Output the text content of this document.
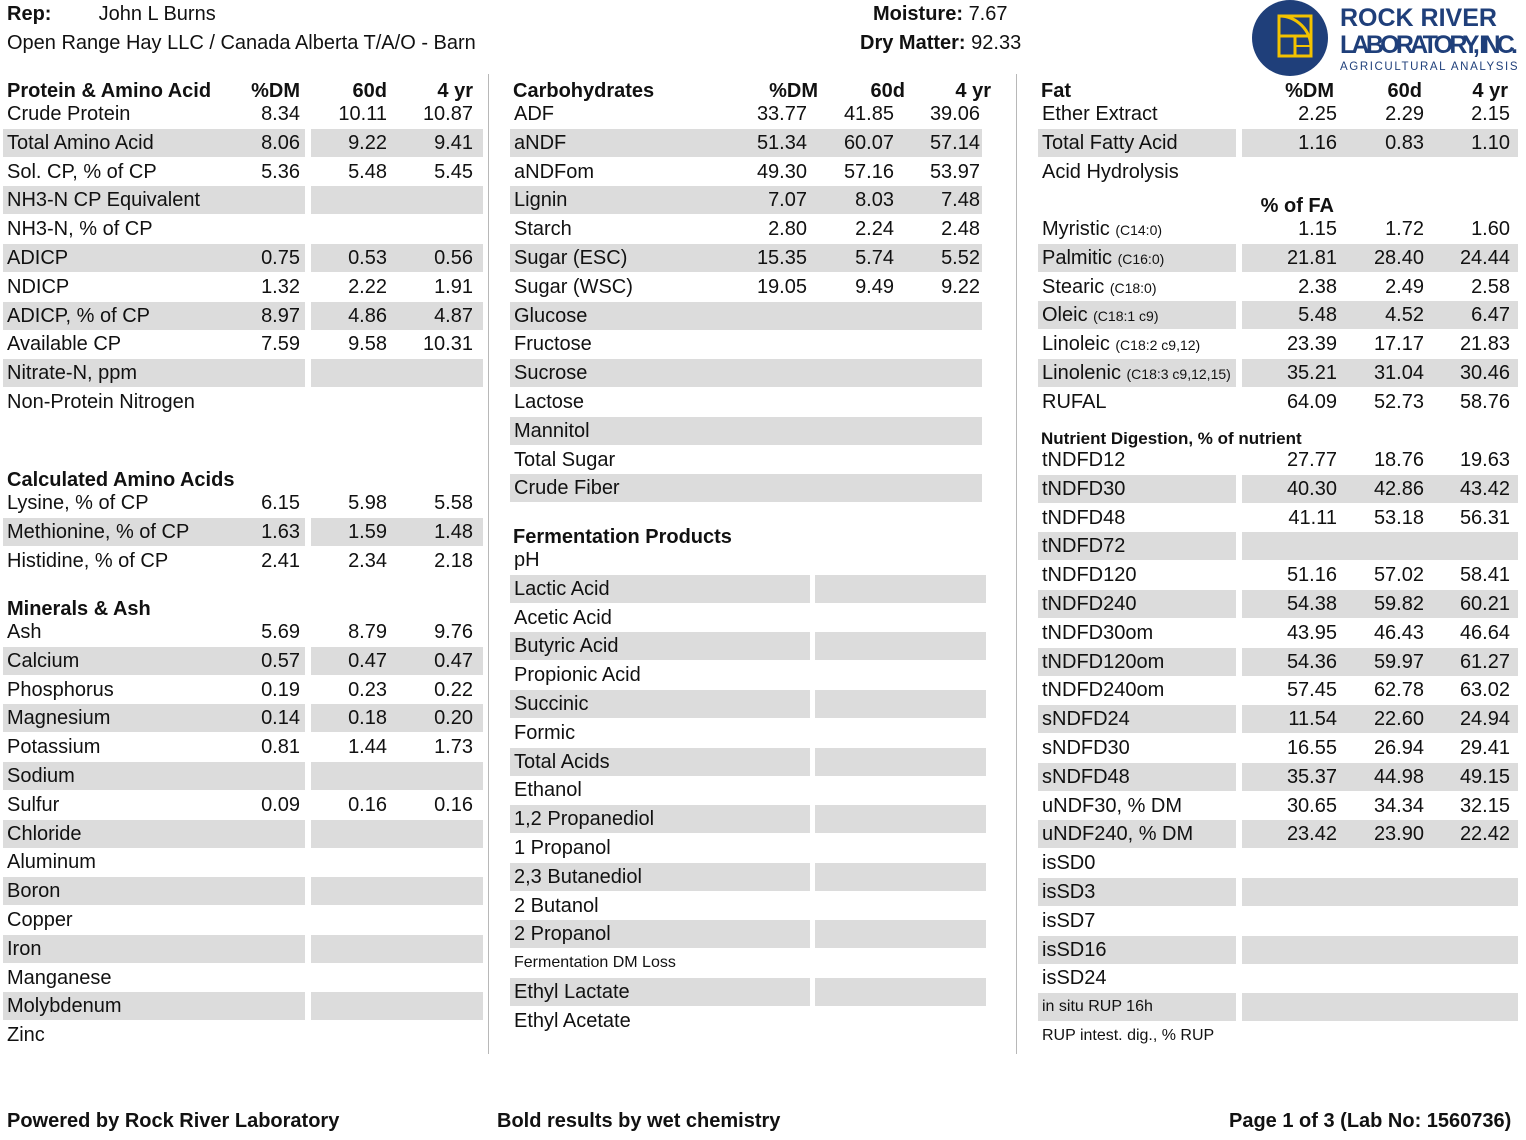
Rep: John L Burns
Open Range Hay LLC / Canada Alberta T/A/O - Barn
Moisture: 7.67
Dry Matter: 92.33
ROCK RIVER
LABORATORY, INC.
AGRICULTURAL ANALYSIS
Protein & Amino Acid %DM	60d	4 yr
Crude Protein	8.34 10.11 10.87
Total Amino Acid	8.06 9.22 9.41
Sol. CP, % of CP	5.36 5.48 5.45
NH3-N CP Equivalent
NH3-N, % of CP
ADICP	0.75 0.53 0.56
NDICP	1.32 2.22 1.91
ADICP, % of CP	8.97 4.86 4.87
Available CP	7.59 9.58 10.31
Nitrate-N, ppm
Non-Protein Nitrogen
Calculated Amino Acids
Lysine, % of CP	6.15 5.98 5.58
Methionine, % of CP	1.63 1.59 1.48
Histidine, % of CP	2.41 2.34 2.18
Minerals & Ash
Ash	5.69 8.79 9.76
Calcium	0.57 0.47 0.47
Phosphorus	0.19 0.23 0.22
Magnesium	0.14 0.18 0.20
Potassium	0.81 1.44 1.73
Sodium
Sulfur	0.09 0.16 0.16
Chloride
Aluminum
Boron
Copper
Iron
Manganese
Molybdenum
Zinc
Carbohydrates	%DM	60d	4 yr
ADF	33.77 41.85 39.06
aNDF	51.34 60.07 57.14
aNDFom	49.30 57.16 53.97
Lignin	7.07 8.03 7.48
Starch	2.80 2.24 2.48
Sugar (ESC)	15.35 5.74 5.52
Sugar (WSC)	19.05 9.49 9.22
Glucose
Fructose
Sucrose
Lactose
Mannitol
Total Sugar
Crude Fiber
Fermentation Products
pH
Lactic Acid
Acetic Acid
Butyric Acid
Propionic Acid
Succinic
Formic
Total Acids
Ethanol
1,2 Propanediol
1 Propanol
2,3 Butanediol
2 Butanol
2 Propanol
Fermentation DM Loss
Ethyl Lactate
Ethyl Acetate
Fat	%DM	60d	4 yr
Ether Extract	2.25 2.29 2.15
Total Fatty Acid	1.16 0.83 1.10
Acid Hydrolysis
% of FA
Myristic (C14:0)	1.15 1.72 1.60
Palmitic (C16:0)	21.81 28.40 24.44
Stearic (C18:0)	2.38 2.49 2.58
Oleic (C18:1 c9)	5.48 4.52 6.47
Linoleic (C18:2 c9,12)	23.39 17.17 21.83
Linolenic (C18:3 c9,12,15)	35.21 31.04 30.46
RUFAL	64.09 52.73 58.76
Nutrient Digestion, % of nutrient
tNDFD12	27.77 18.76 19.63
tNDFD30	40.30 42.86 43.42
tNDFD48	41.11 53.18 56.31
tNDFD72
tNDFD120	51.16 57.02 58.41
tNDFD240	54.38 59.82 60.21
tNDFD30om	43.95 46.43 46.64
tNDFD120om	54.36 59.97 61.27
tNDFD240om	57.45 62.78 63.02
sNDFD24	11.54 22.60 24.94
sNDFD30	16.55 26.94 29.41
sNDFD48	35.37 44.98 49.15
uNDF30, % DM	30.65 34.34 32.15
uNDF240, % DM	23.42 23.90 22.42
isSD0
isSD3
isSD7
isSD16
isSD24
in situ RUP 16h
RUP intest. dig., % RUP
Powered by Rock River Laboratory	Bold results by wet chemistry	Page 1 of 3 (Lab No: 1560736)
